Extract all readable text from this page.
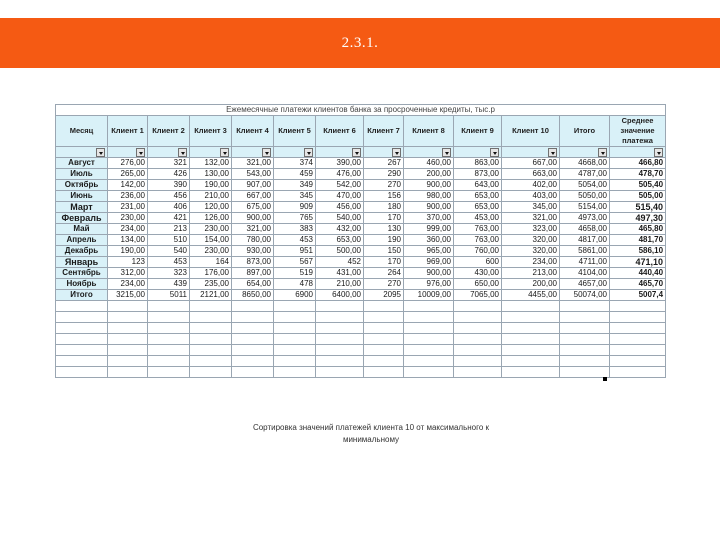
2.3.1.
Ежемесячные платежи клиентов банка за просроченные кредиты, тыс.р												
Месяц	Клиент 1	Клиент 2	Клиент 3	Клиент 4	Клиент 5	Клиент 6	Клиент 7	Клиент 8	Клиент 9	Клиент 10	Итого	Среднее значение платежа

Август	276,00	321	132,00	321,00	374	390,00	267	460,00	863,00	667,00	4668,00	466,80
Июль	265,00	426	130,00	543,00	459	476,00	290	200,00	873,00	663,00	4787,00	478,70
Октябрь	142,00	390	190,00	907,00	349	542,00	270	900,00	643,00	402,00	5054,00	505,40
Июнь	236,00	456	210,00	667,00	345	470,00	156	980,00	653,00	403,00	5050,00	505,00
Март	231,00	406	120,00	675,00	909	456,00	180	900,00	653,00	345,00	5154,00	515,40
Февраль	230,00	421	126,00	900,00	765	540,00	170	370,00	453,00	321,00	4973,00	497,30
Май	234,00	213	230,00	321,00	383	432,00	130	999,00	763,00	323,00	4658,00	465,80
Апрель	134,00	510	154,00	780,00	453	653,00	190	360,00	763,00	320,00	4817,00	481,70
Декабрь	190,00	540	230,00	930,00	951	500,00	150	965,00	760,00	320,00	5861,00	586,10
Январь	123	453	164	873,00	567	452	170	969,00	600	234,00	4711,00	471,10
Сентябрь	312,00	323	176,00	897,00	519	431,00	264	900,00	430,00	213,00	4104,00	440,40
Ноябрь	234,00	439	235,00	654,00	478	210,00	270	976,00	650,00	200,00	4657,00	465,70
Итого	3215,00	5011	2121,00	8650,00	6900	6400,00	2095	10009,00	7065,00	4455,00	50074,00	5007,4

Сортировка значений платежей клиента 10 от максимального к минимальному
